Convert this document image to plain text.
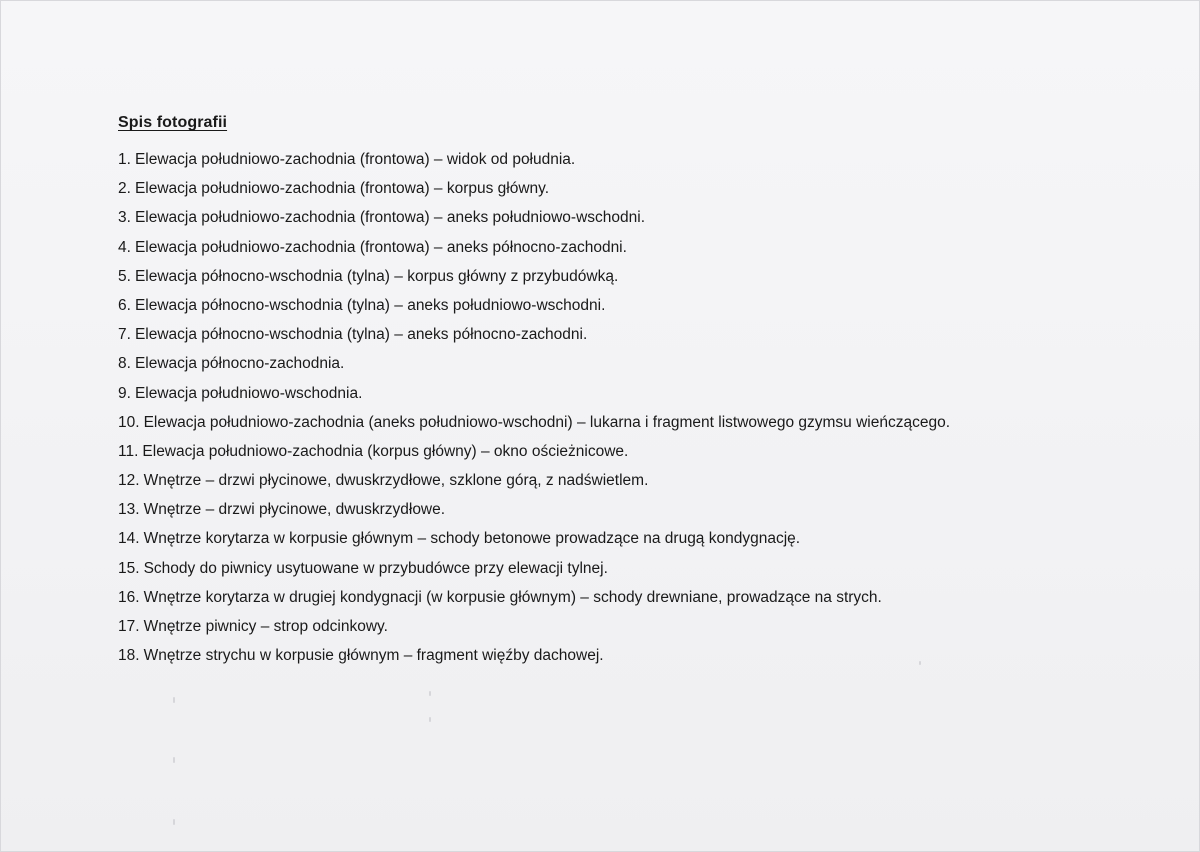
Spis fotografii
1. Elewacja południowo-zachodnia (frontowa) – widok od południa.
2. Elewacja południowo-zachodnia (frontowa) – korpus główny.
3. Elewacja południowo-zachodnia (frontowa) – aneks południowo-wschodni.
4. Elewacja południowo-zachodnia (frontowa) – aneks północno-zachodni.
5. Elewacja północno-wschodnia (tylna) – korpus główny z przybudówką.
6. Elewacja północno-wschodnia (tylna) – aneks południowo-wschodni.
7. Elewacja północno-wschodnia (tylna) – aneks północno-zachodni.
8. Elewacja północno-zachodnia.
9. Elewacja południowo-wschodnia.
10. Elewacja południowo-zachodnia (aneks południowo-wschodni) – lukarna i fragment listwowego gzymsu wieńczącego.
11. Elewacja południowo-zachodnia (korpus główny) – okno ościeżnicowe.
12. Wnętrze – drzwi płycinowe, dwuskrzydłowe, szklone górą, z nadświetlem.
13. Wnętrze – drzwi płycinowe, dwuskrzydłowe.
14. Wnętrze korytarza w korpusie głównym – schody betonowe prowadzące na drugą kondygnację.
15. Schody do piwnicy usytuowane w przybudówce przy elewacji tylnej.
16. Wnętrze korytarza w drugiej kondygnacji (w korpusie głównym) – schody drewniane, prowadzące na strych.
17. Wnętrze piwnicy – strop odcinkowy.
18. Wnętrze strychu w korpusie głównym – fragment więźby dachowej.
